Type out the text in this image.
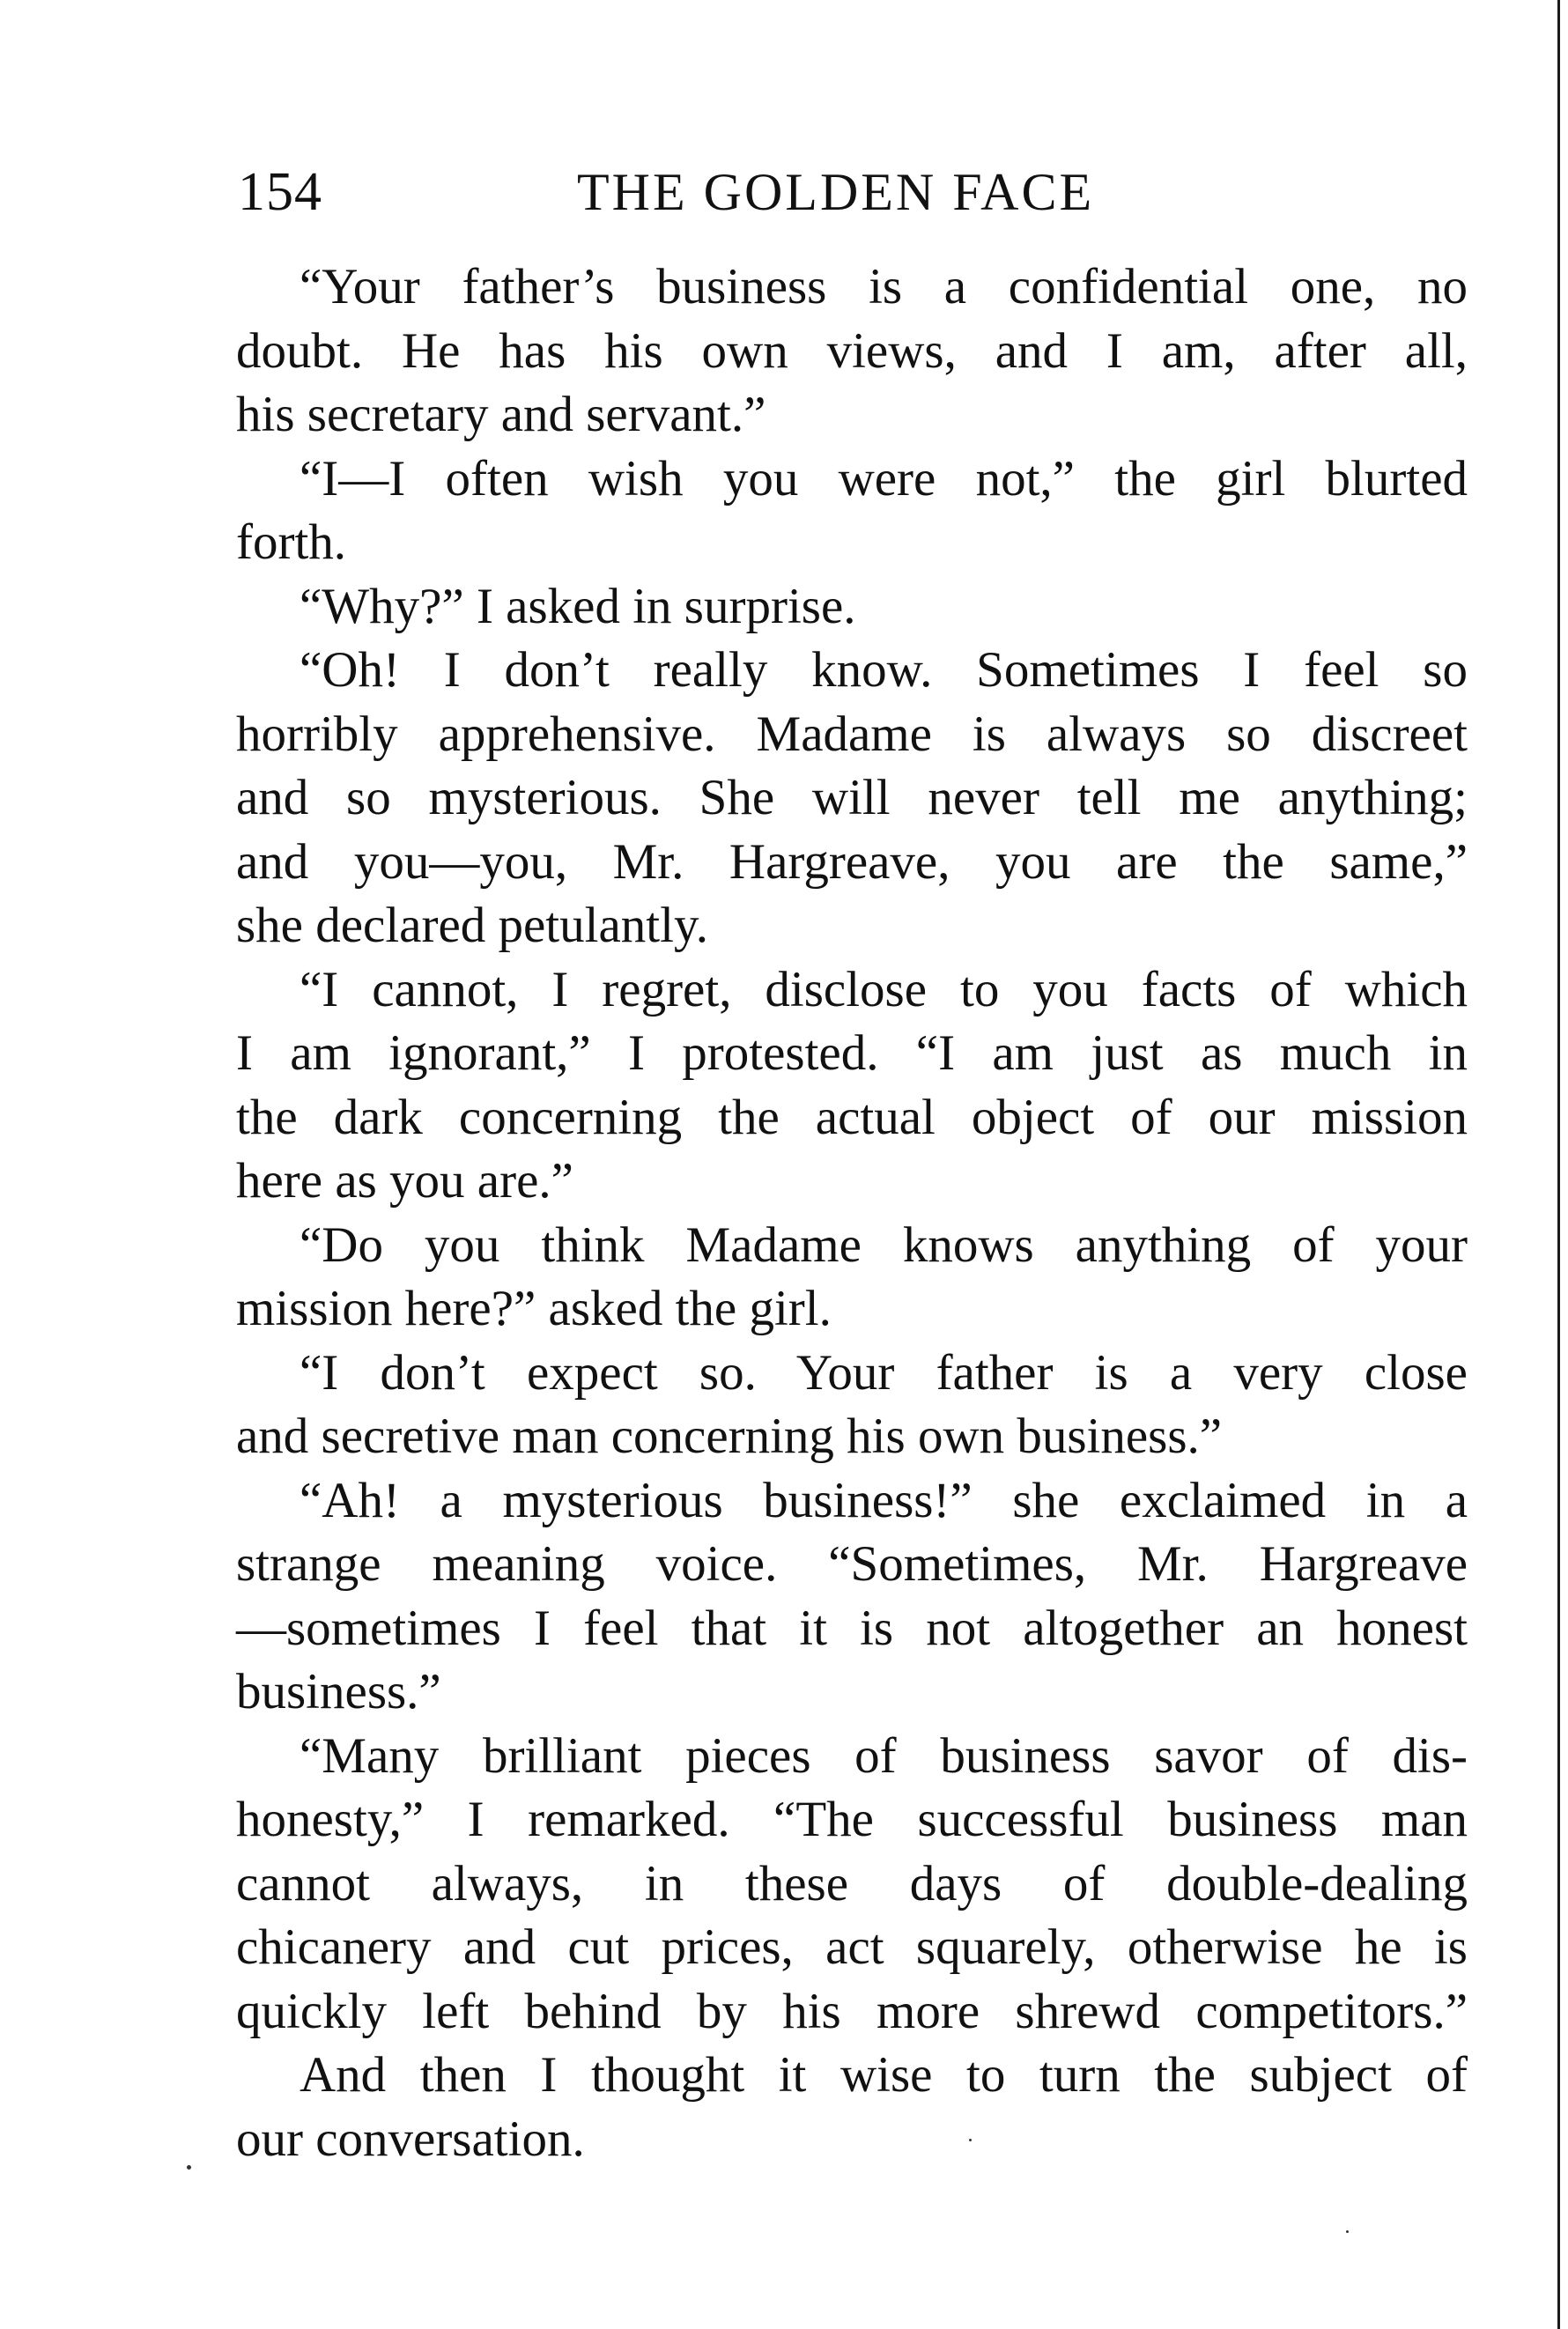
154	THE GOLDEN FACE
“Your father’s business is a confidential one, no
doubt. He has his own views, and I am, after all,
his secretary and servant.”
“I—I often wish you were not,” the girl blurted
forth.
“Why?” I asked in surprise.
“Oh! I don’t really know. Sometimes I feel so
horribly apprehensive. Madame is always so discreet
and so mysterious. She will never tell me anything;
and you—you, Mr. Hargreave, you are the same,”
she declared petulantly.
“I cannot, I regret, disclose to you facts of which
I am ignorant,” I protested. “I am just as much in
the dark concerning the actual object of our mission
here as you are.”
“Do you think Madame knows anything of your
mission here?” asked the girl.
“I don’t expect so. Your father is a very close
and secretive man concerning his own business.”
“Ah! a mysterious business!” she exclaimed in a
strange meaning voice. “Sometimes, Mr. Hargreave
—sometimes I feel that it is not altogether an honest
business.”
“Many brilliant pieces of business savor of dis-
honesty,” I remarked. “The successful business man
cannot always, in these days of double-dealing
chicanery and cut prices, act squarely, otherwise he is
quickly left behind by his more shrewd competitors.”
And then I thought it wise to turn the subject of
our conversation.
